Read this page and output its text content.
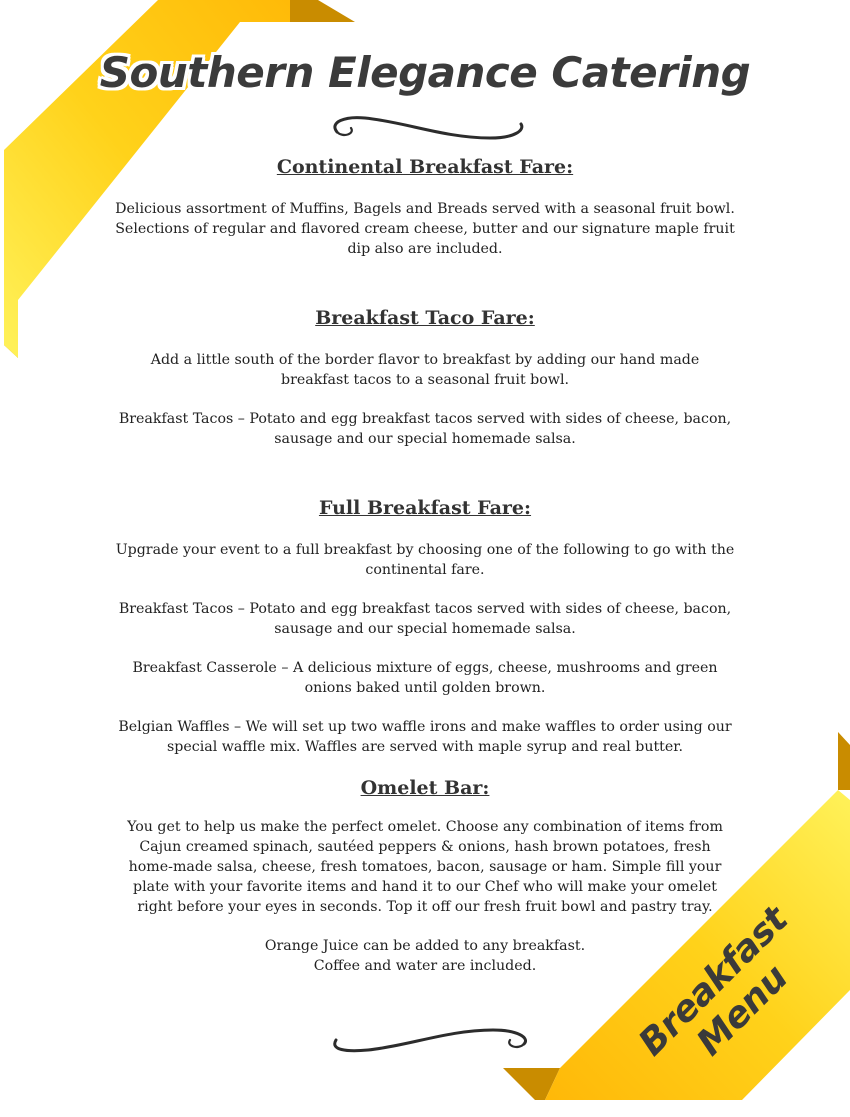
Southern Elegance Catering

Continental Breakfast Fare:

Delicious assortment of Muffins, Bagels and Breads served with a seasonal fruit bowl. Selections of regular and flavored cream cheese, butter and our signature maple fruit dip also are included.

Breakfast Taco Fare:

Add a little south of the border flavor to breakfast by adding our hand made breakfast tacos to a seasonal fruit bowl.

Breakfast Tacos – Potato and egg breakfast tacos served with sides of cheese, bacon, sausage and our special homemade salsa.

Full Breakfast Fare:

Upgrade your event to a full breakfast by choosing one of the following to go with the continental fare.

Breakfast Tacos – Potato and egg breakfast tacos served with sides of cheese, bacon, sausage and our special homemade salsa.

Breakfast Casserole – A delicious mixture of eggs, cheese, mushrooms and green onions baked until golden brown.

Belgian Waffles – We will set up two waffle irons and make waffles to order using our special waffle mix. Waffles are served with maple syrup and real butter.

Omelet Bar:

You get to help us make the perfect omelet. Choose any combination of items from Cajun creamed spinach, sautéed peppers & onions, hash brown potatoes, fresh home-made salsa, cheese, fresh tomatoes, bacon, sausage or ham. Simple fill your plate with your favorite items and hand it to our Chef who will make your omelet right before your eyes in seconds. Top it off our fresh fruit bowl and pastry tray.

Orange Juice can be added to any breakfast.

Coffee and water are included.	Breakfast Menu
